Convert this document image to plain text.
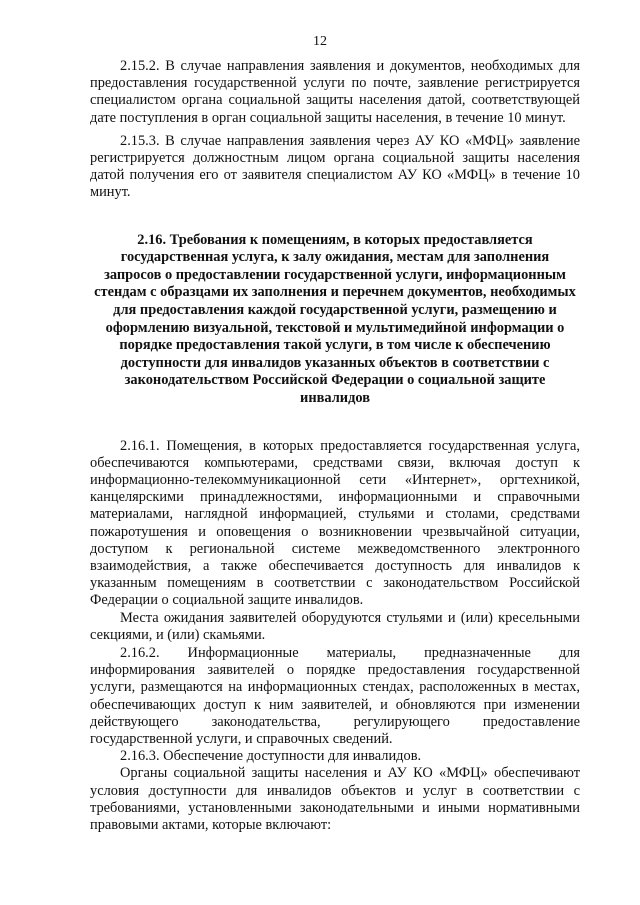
12

2.15.2. В случае направления заявления и документов, необходимых для предоставления государственной услуги по почте, заявление регистрируется специалистом органа социальной защиты населения датой, соответствующей дате поступления в орган социальной защиты населения, в течение 10 минут.

2.15.3. В случае направления заявления через АУ КО «МФЦ» заявление регистрируется должностным лицом органа социальной защиты населения датой получения его от заявителя специалистом АУ КО «МФЦ» в течение 10 минут.

2.16. Требования к помещениям, в которых предоставляется государственная услуга, к залу ожидания, местам для заполнения запросов о предоставлении государственной услуги, информационным стендам с образцами их заполнения и перечнем документов, необходимых для предоставления каждой государственной услуги, размещению и оформлению визуальной, текстовой и мультимедийной информации о порядке предоставления такой услуги, в том числе к обеспечению доступности для инвалидов указанных объектов в соответствии с законодательством Российской Федерации о социальной защите инвалидов

2.16.1. Помещения, в которых предоставляется государственная услуга, обеспечиваются компьютерами, средствами связи, включая доступ к информационно-телекоммуникационной сети «Интернет», оргтехникой, канцелярскими принадлежностями, информационными и справочными материалами, наглядной информацией, стульями и столами, средствами пожаротушения и оповещения о возникновении чрезвычайной ситуации, доступом к региональной системе межведомственного электронного взаимодействия, а также обеспечивается доступность для инвалидов к указанным помещениям в соответствии с законодательством Российской Федерации о социальной защите инвалидов.

Места ожидания заявителей оборудуются стульями и (или) кресельными секциями, и (или) скамьями.

2.16.2. Информационные материалы, предназначенные для информирования заявителей о порядке предоставления государственной услуги, размещаются на информационных стендах, расположенных в местах, обеспечивающих доступ к ним заявителей, и обновляются при изменении действующего законодательства, регулирующего предоставление государственной услуги, и справочных сведений.

2.16.3. Обеспечение доступности для инвалидов.

Органы социальной защиты населения и АУ КО «МФЦ» обеспечивают условия доступности для инвалидов объектов и услуг в соответствии с требованиями, установленными законодательными и иными нормативными правовыми актами, которые включают:
